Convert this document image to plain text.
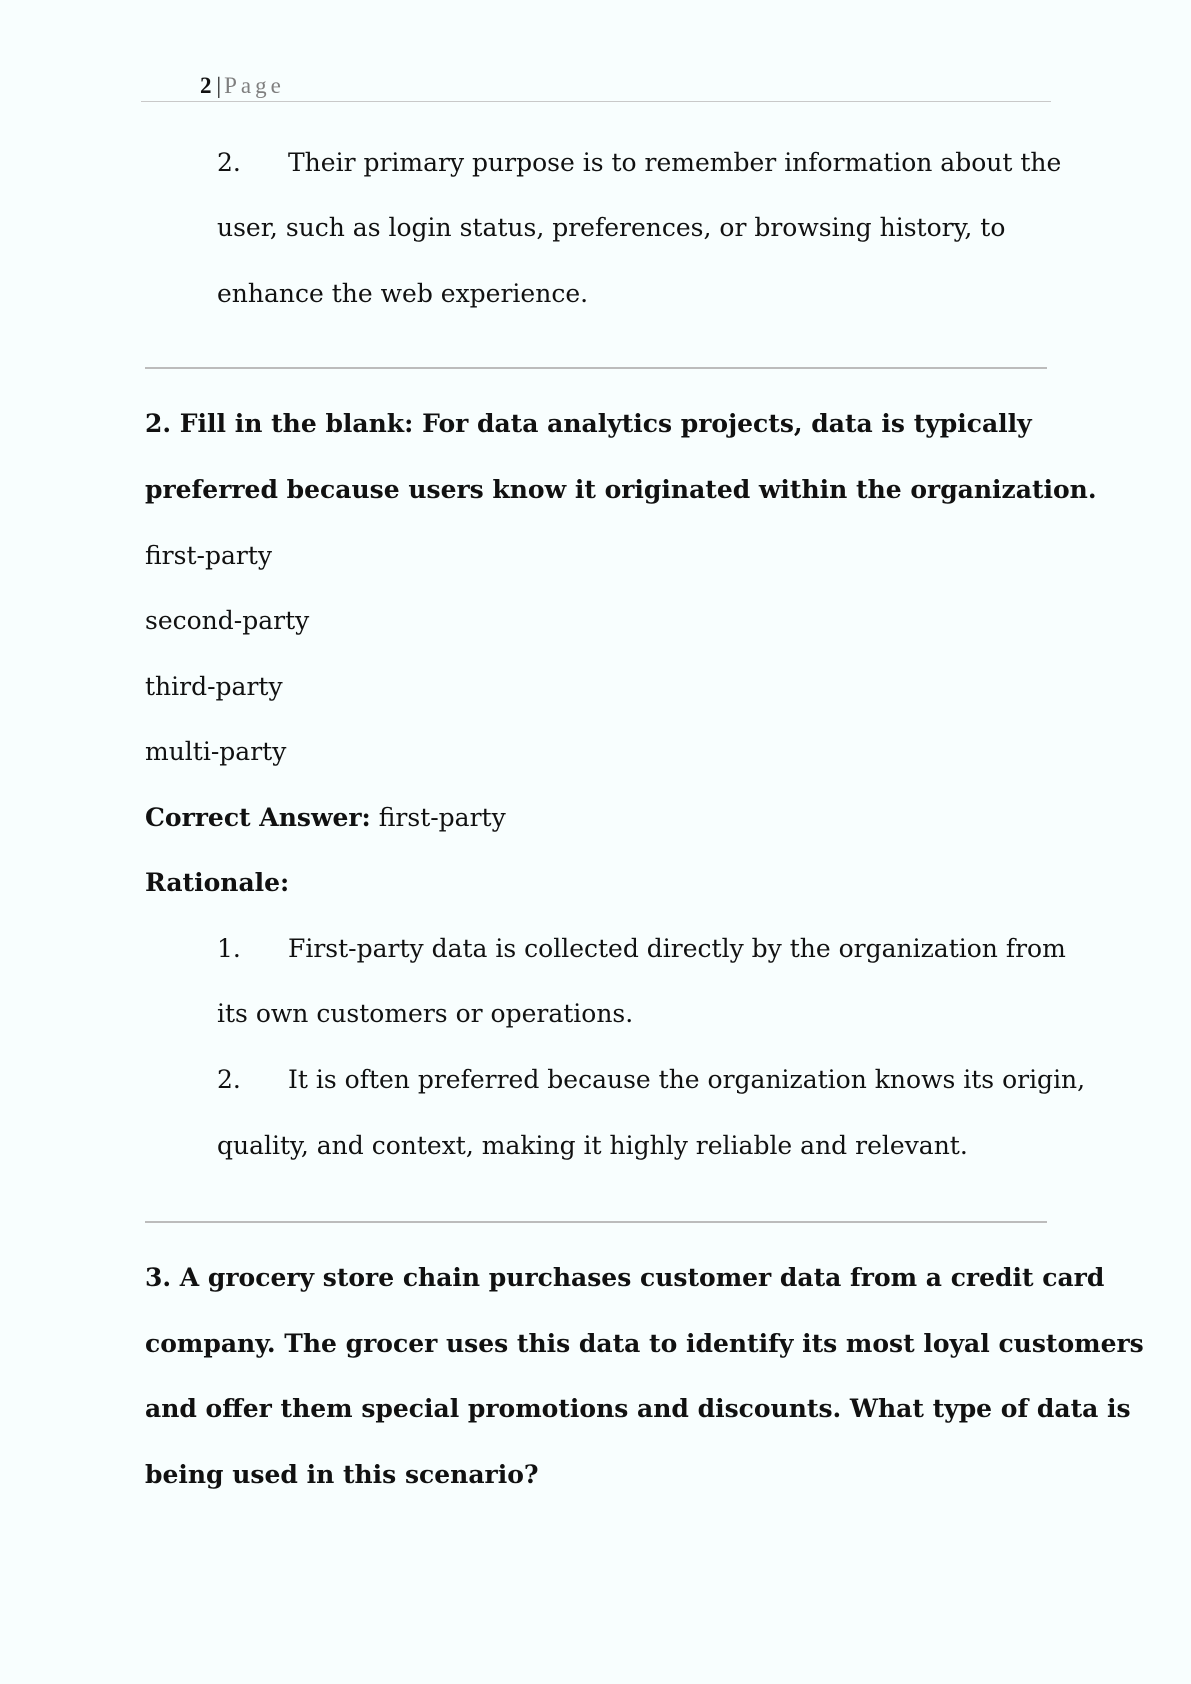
2 | Page
2. Their primary purpose is to remember information about the
user, such as login status, preferences, or browsing history, to
enhance the web experience.
2. Fill in the blank: For data analytics projects, data is typically
preferred because users know it originated within the organization.
first-party
second-party
third-party
multi-party
Correct Answer: first-party
Rationale:
1. First-party data is collected directly by the organization from
its own customers or operations.
2. It is often preferred because the organization knows its origin,
quality, and context, making it highly reliable and relevant.
3. A grocery store chain purchases customer data from a credit card
company. The grocer uses this data to identify its most loyal customers
and offer them special promotions and discounts. What type of data is
being used in this scenario?
